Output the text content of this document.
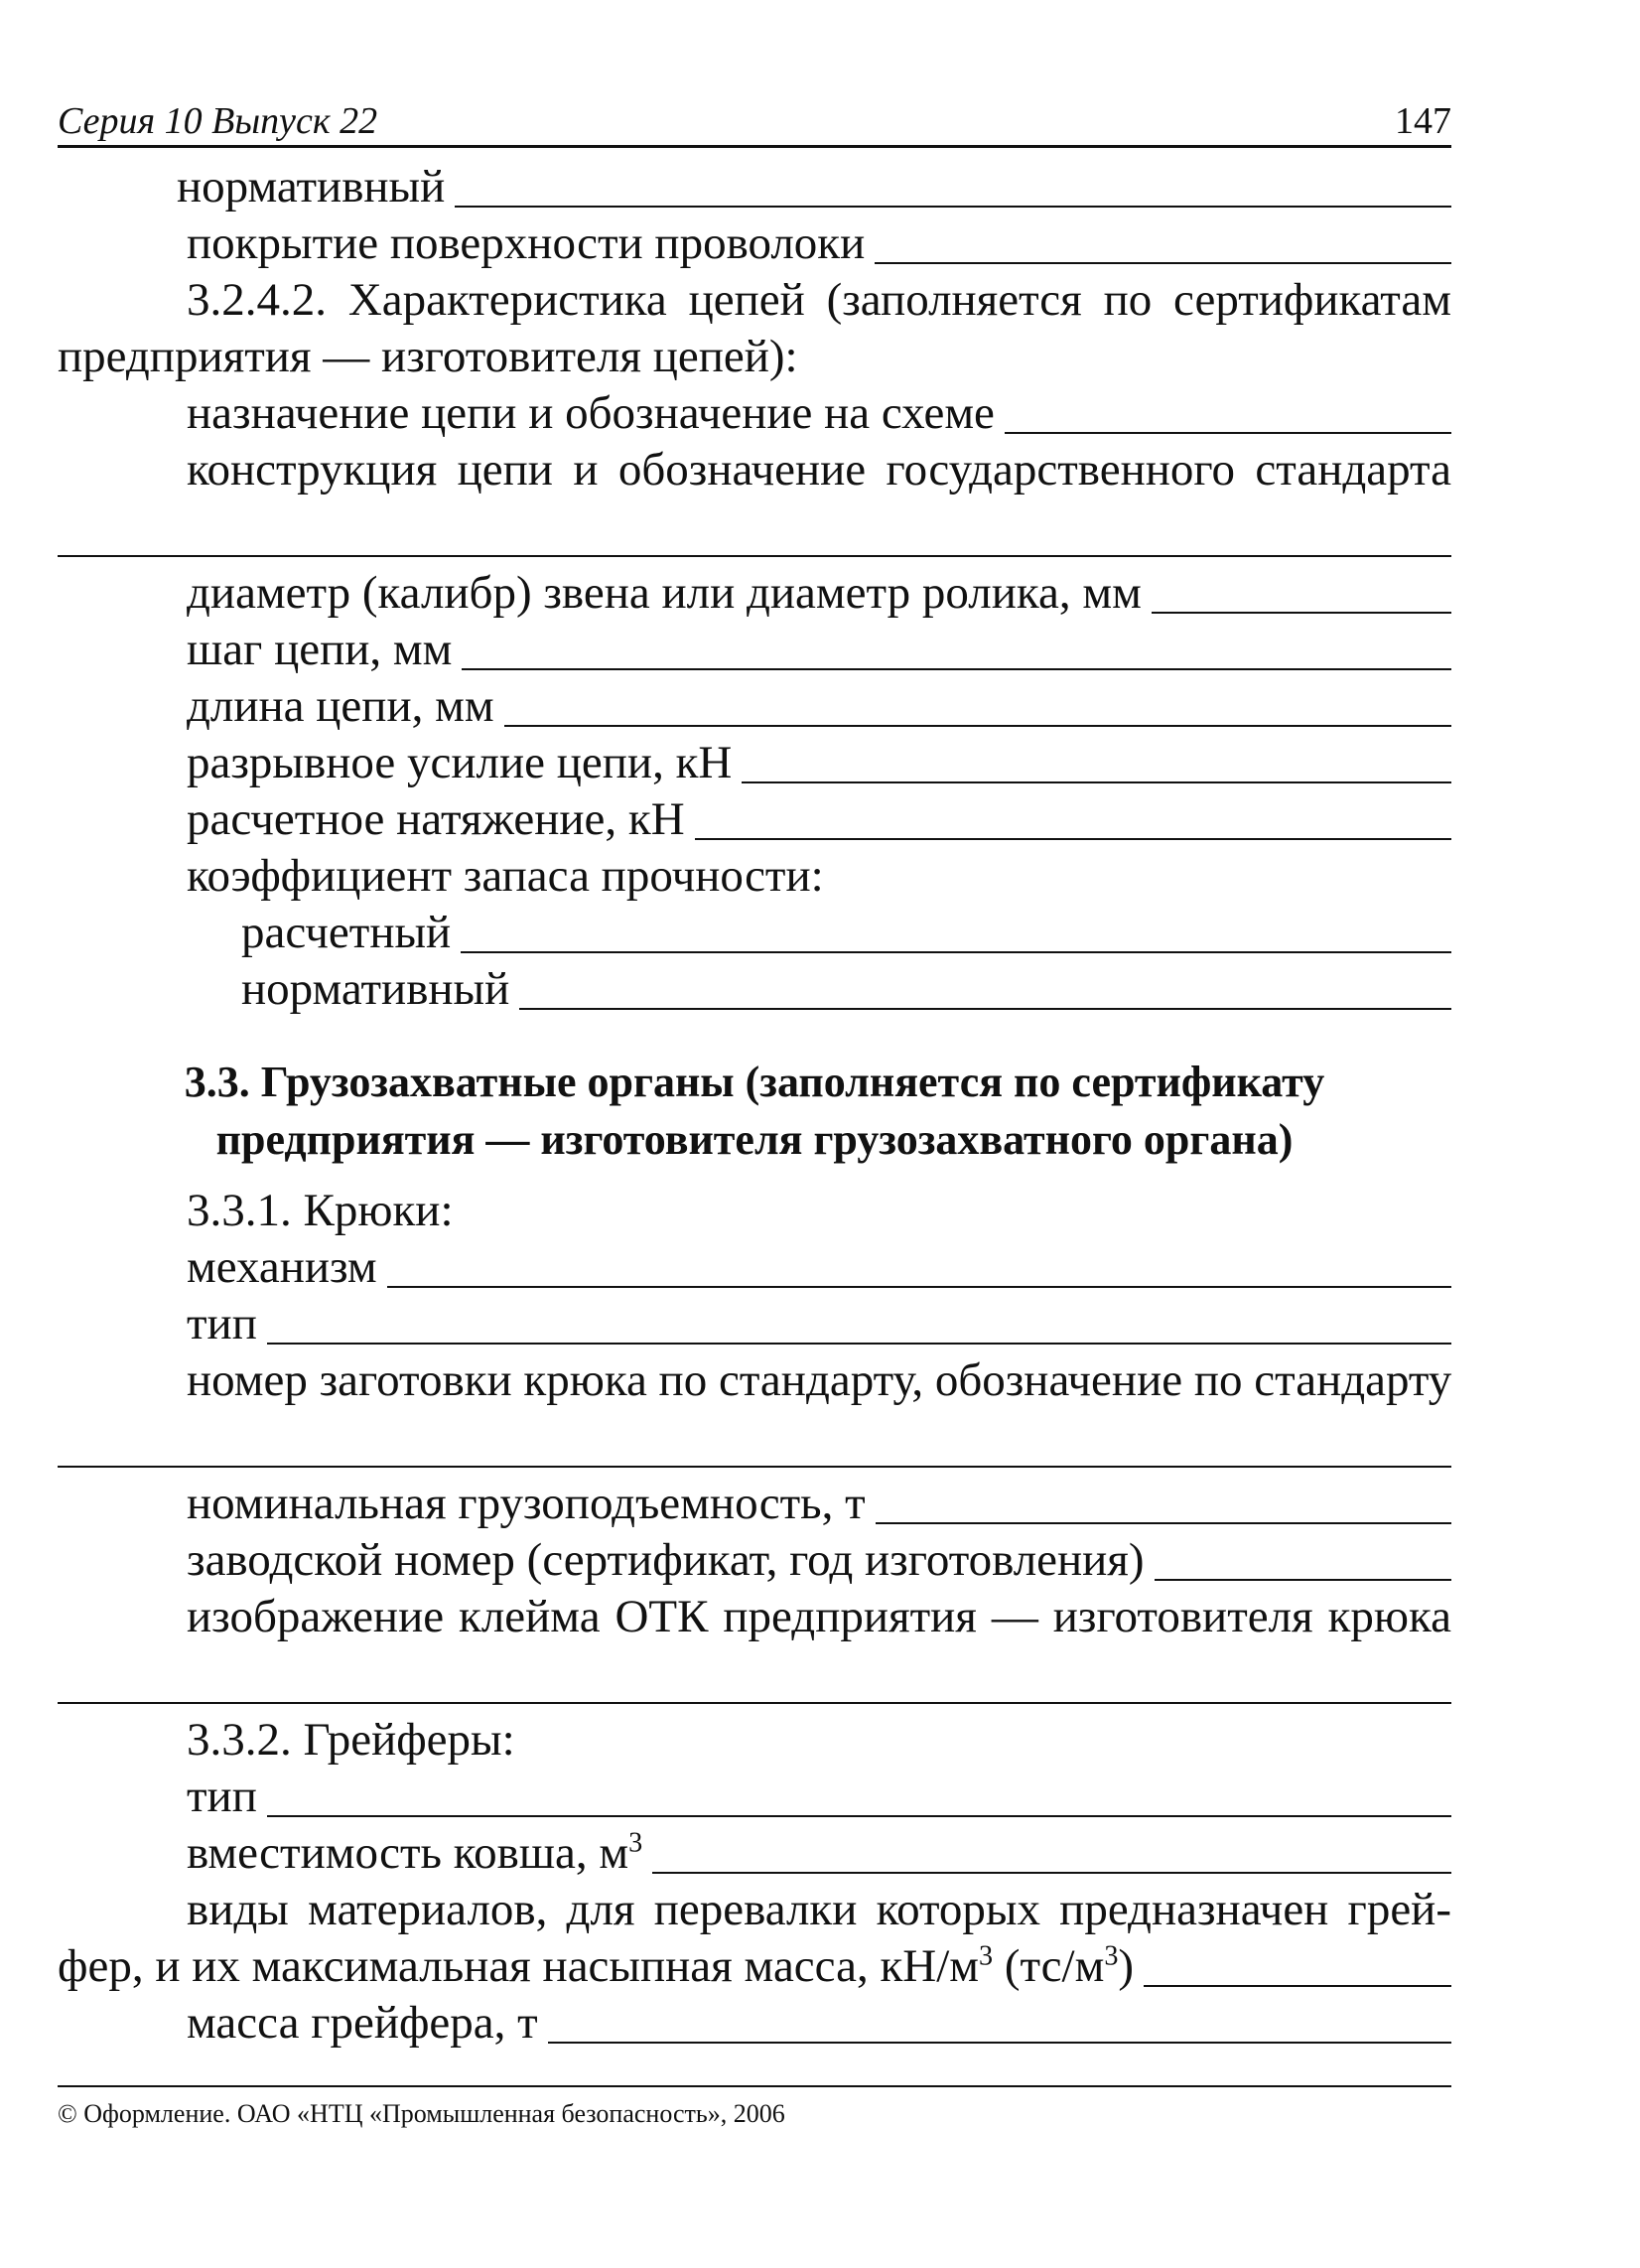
Серия 10 Выпуск 22	147
нормативный
покрытие поверхности проволоки
3.2.4.2. Характеристика цепей (заполняется по сертификатам
предприятия — изготовителя цепей):
назначение цепи и обозначение на схеме
конструкция цепи и обозначение государственного стандарта
диаметр (калибр) звена или диаметр ролика, мм
шаг цепи, мм
длина цепи, мм
разрывное усилие цепи, кН
расчетное натяжение, кН
коэффициент запаса прочности:
расчетный
нормативный
3.3. Грузозахватные органы (заполняется по сертификату
предприятия — изготовителя грузозахватного органа)
3.3.1. Крюки:
механизм
тип
номер заготовки крюка по стандарту, обозначение по стандарту
номинальная грузоподъемность, т
заводской номер (сертификат, год изготовления)
изображение клейма ОТК предприятия — изготовителя крюка
3.3.2. Грейферы:
тип
вместимость ковша, $м^3$
виды материалов, для перевалки которых предназначен грей-
фер, и их максимальная насыпная масса, $кН/м^3$ $(тс/м^3)$
масса грейфера, т
© Оформление. ОАО «НТЦ «Промышленная безопасность», 2006
